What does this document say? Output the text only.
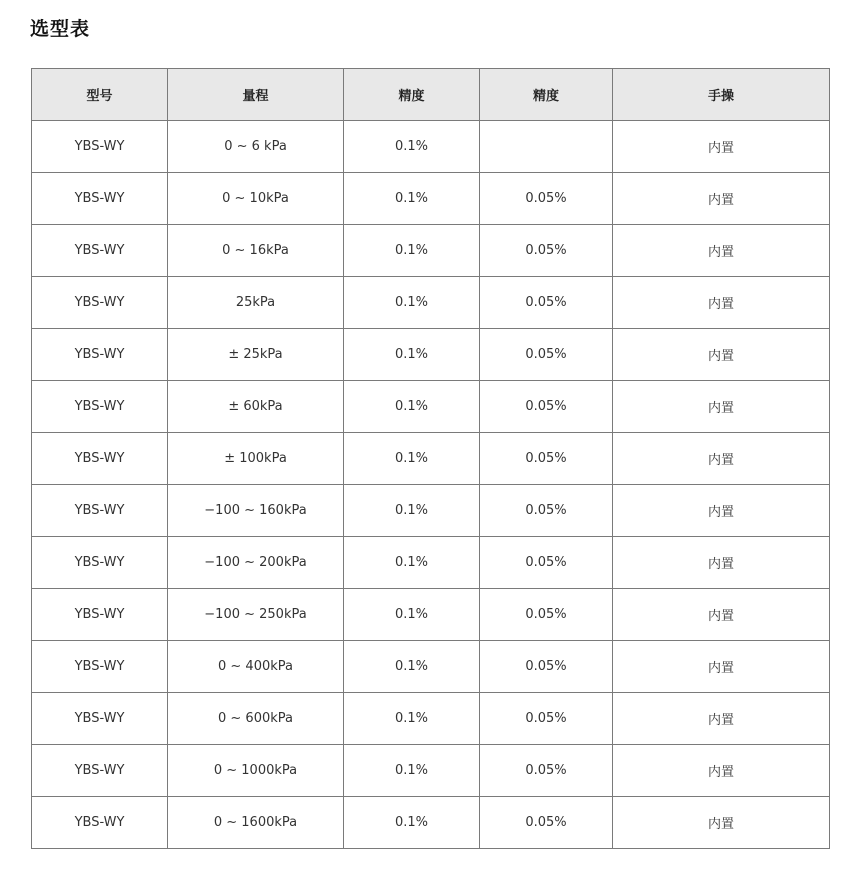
选型表
型号	量程	精度	精度	手操
YBS-WY	0 ~ 6 kPa	0.1%		内置
YBS-WY	0 ~ 10kPa	0.1%	0.05%	内置
YBS-WY	0 ~ 16kPa	0.1%	0.05%	内置
YBS-WY	25kPa	0.1%	0.05%	内置
YBS-WY	± 25kPa	0.1%	0.05%	内置
YBS-WY	± 60kPa	0.1%	0.05%	内置
YBS-WY	± 100kPa	0.1%	0.05%	内置
YBS-WY	−100 ~ 160kPa	0.1%	0.05%	内置
YBS-WY	−100 ~ 200kPa	0.1%	0.05%	内置
YBS-WY	−100 ~ 250kPa	0.1%	0.05%	内置
YBS-WY	0 ~ 400kPa	0.1%	0.05%	内置
YBS-WY	0 ~ 600kPa	0.1%	0.05%	内置
YBS-WY	0 ~ 1000kPa	0.1%	0.05%	内置
YBS-WY	0 ~ 1600kPa	0.1%	0.05%	内置
